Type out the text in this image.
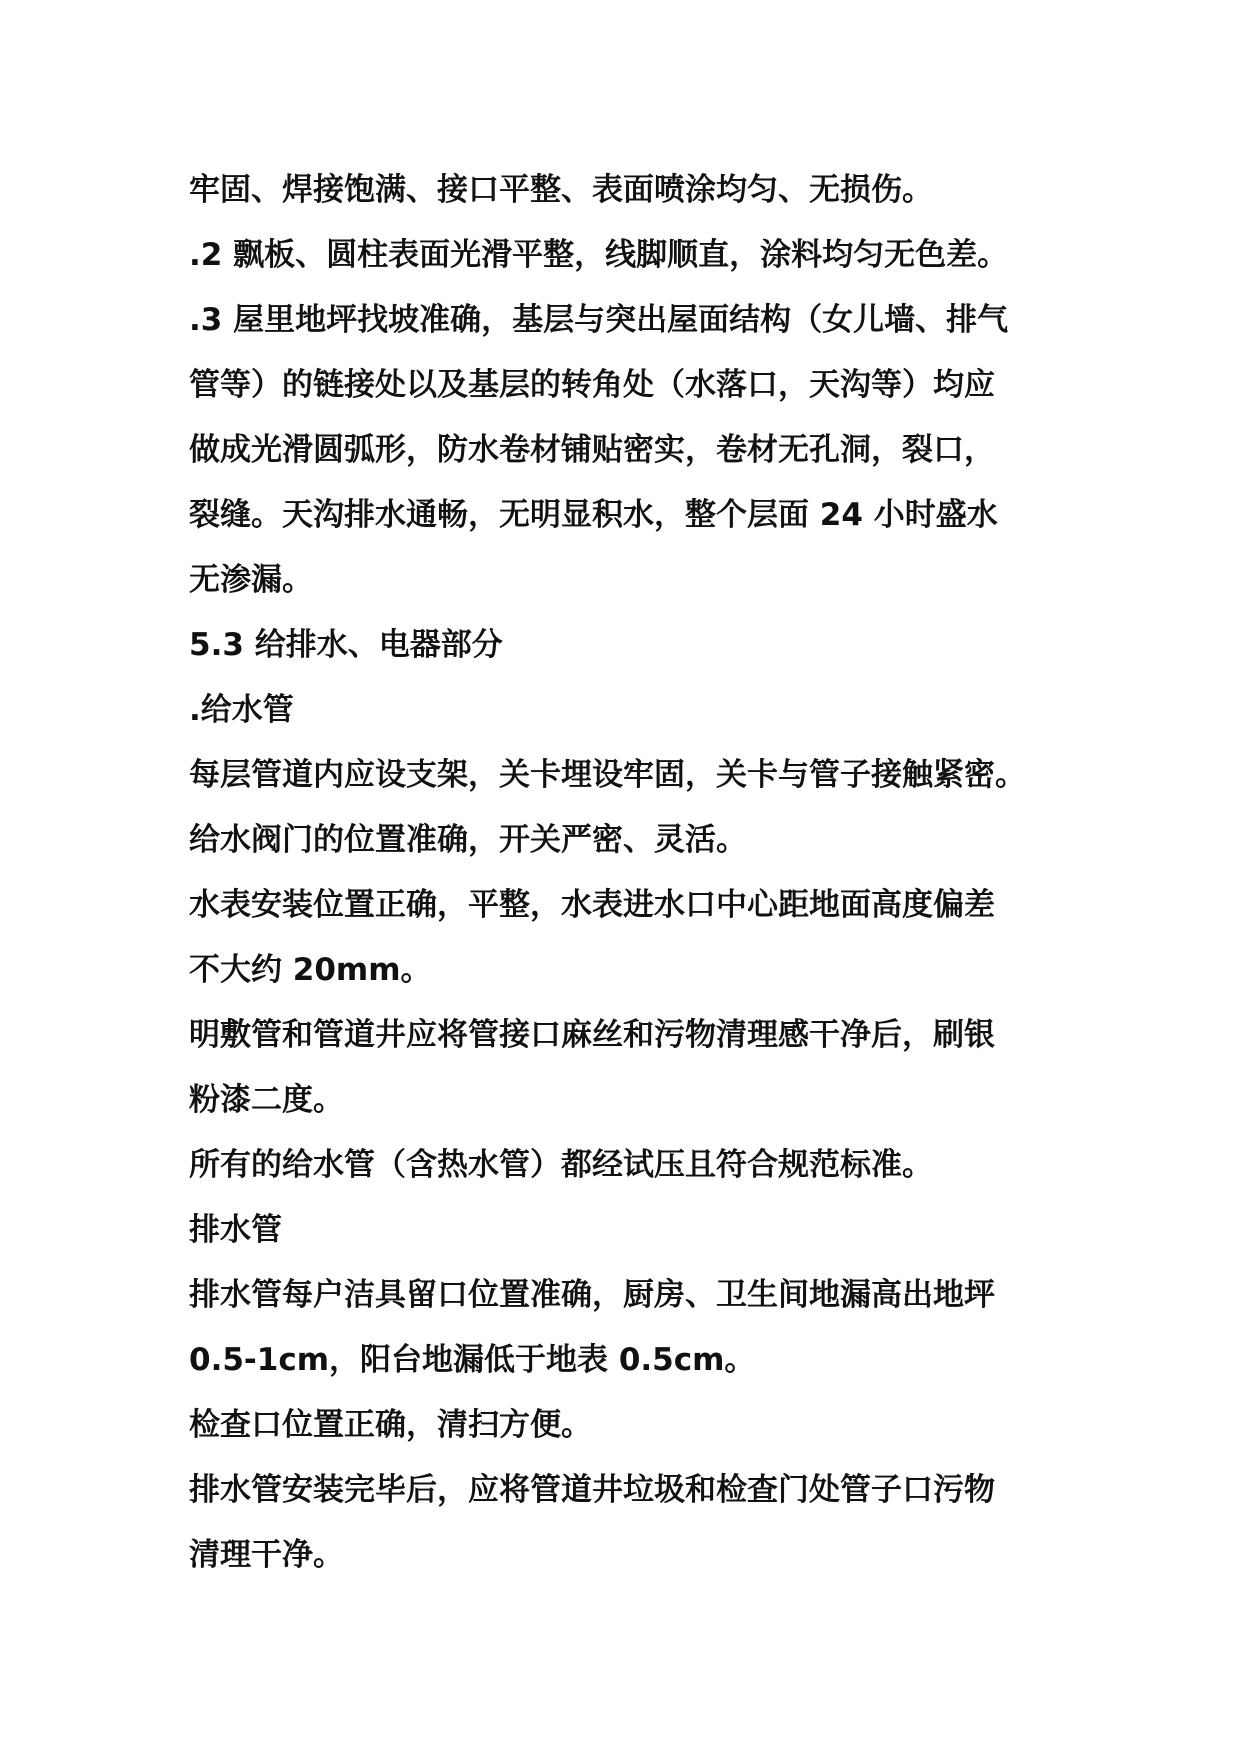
牢固、焊接饱满、接口平整、表面喷涂均匀、无损伤。
.2 飘板、圆柱表面光滑平整，线脚顺直，涂料均匀无色差。
.3 屋里地坪找坡准确，基层与突出屋面结构（女儿墙、排气
管等）的链接处以及基层的转角处（水落口，天沟等）均应
做成光滑圆弧形，防水卷材铺贴密实，卷材无孔洞，裂口，
裂缝。天沟排水通畅，无明显积水，整个层面 24 小时盛水
无渗漏。
5.3 给排水、电器部分
.给水管
每层管道内应设支架，关卡埋设牢固，关卡与管子接触紧密。
给水阀门的位置准确，开关严密、灵活。
水表安装位置正确，平整，水表进水口中心距地面高度偏差
不大约 20mm。
明敷管和管道井应将管接口麻丝和污物清理感干净后，刷银
粉漆二度。
所有的给水管（含热水管）都经试压且符合规范标准。
排水管
排水管每户洁具留口位置准确，厨房、卫生间地漏高出地坪
0.5-1cm，阳台地漏低于地表 0.5cm。
检查口位置正确，清扫方便。
排水管安装完毕后，应将管道井垃圾和检查门处管子口污物
清理干净。
